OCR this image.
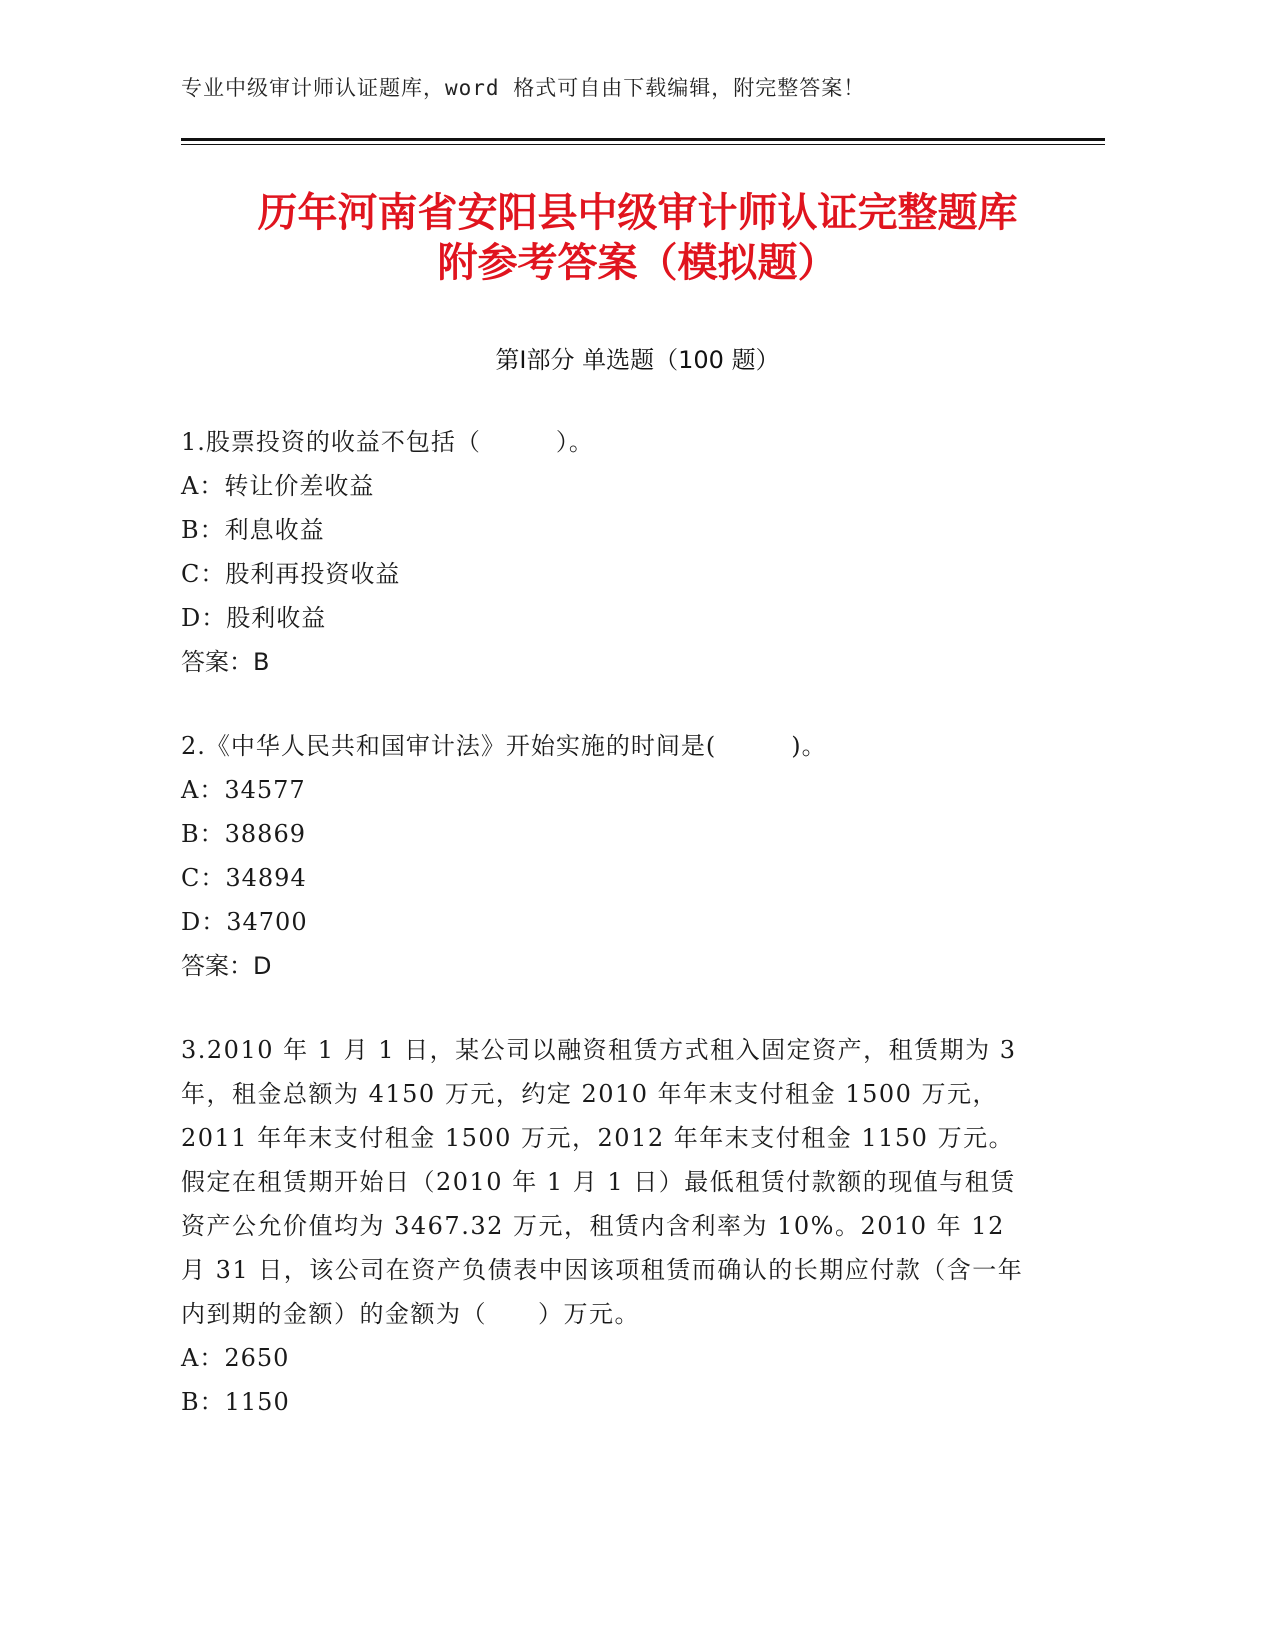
专业中级审计师认证题库，word 格式可自由下载编辑，附完整答案！
历年河南省安阳县中级审计师认证完整题库
附参考答案（模拟题）
第Ⅰ部分 单选题（100 题）

1.股票投资的收益不包括（　　　）。

A：转让价差收益

B：利息收益

C：股利再投资收益

D：股利收益

答案：B

2.《中华人民共和国审计法》开始实施的时间是(　　　)。

A：34577

B：38869

C：34894

D：34700

答案：D

3.2010 年 1 月 1 日，某公司以融资租赁方式租入固定资产，租赁期为 3 年，租金总额为 4150 万元，约定 2010 年年末支付租金 1500 万元，2011 年年末支付租金 1500 万元，2012 年年末支付租金 1150 万元。假定在租赁期开始日（2010 年 1 月 1 日）最低租赁付款额的现值与租赁资产公允价值均为 3467.32 万元，租赁内含利率为 10%。2010 年 12 月 31 日，该公司在资产负债表中因该项租赁而确认的长期应付款（含一年内到期的金额）的金额为（　　）万元。

A：2650

B：1150
